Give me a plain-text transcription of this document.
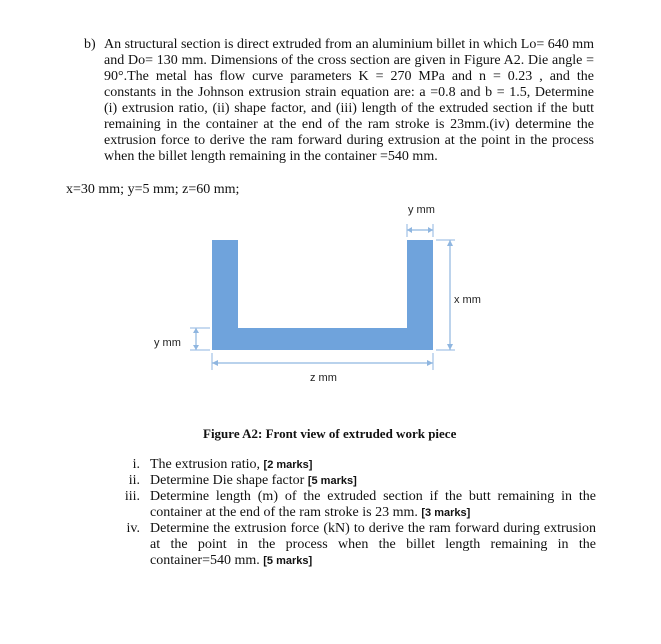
b) An structural section is direct extruded from an aluminium billet in which Lo= 640 mm and Do= 130 mm. Dimensions of the cross section are given in Figure A2. Die angle = 90°.The metal has flow curve parameters K = 270 MPa and n = 0.23 , and the constants in the Johnson extrusion strain equation are: a =0.8 and b = 1.5, Determine (i) extrusion ratio, (ii) shape factor, and (iii) length of the extruded section if the butt remaining in the container at the end of the ram stroke is 23mm.(iv) determine the extrusion force to derive the ram forward during extrusion at the point in the process when the billet length remaining in the container =540 mm.
x=30 mm; y=5 mm; z=60 mm;
y mm
x mm
y mm
z mm
Figure A2: Front view of extruded work piece
i. The extrusion ratio, [2 marks]
ii. Determine Die shape factor [5 marks]
iii. Determine length (m) of the extruded section if the butt remaining in the container at the end of the ram stroke is 23 mm. [3 marks]
iv. Determine the extrusion force (kN) to derive the ram forward during extrusion at the point in the process when the billet length remaining in the container=540 mm. [5 marks]
